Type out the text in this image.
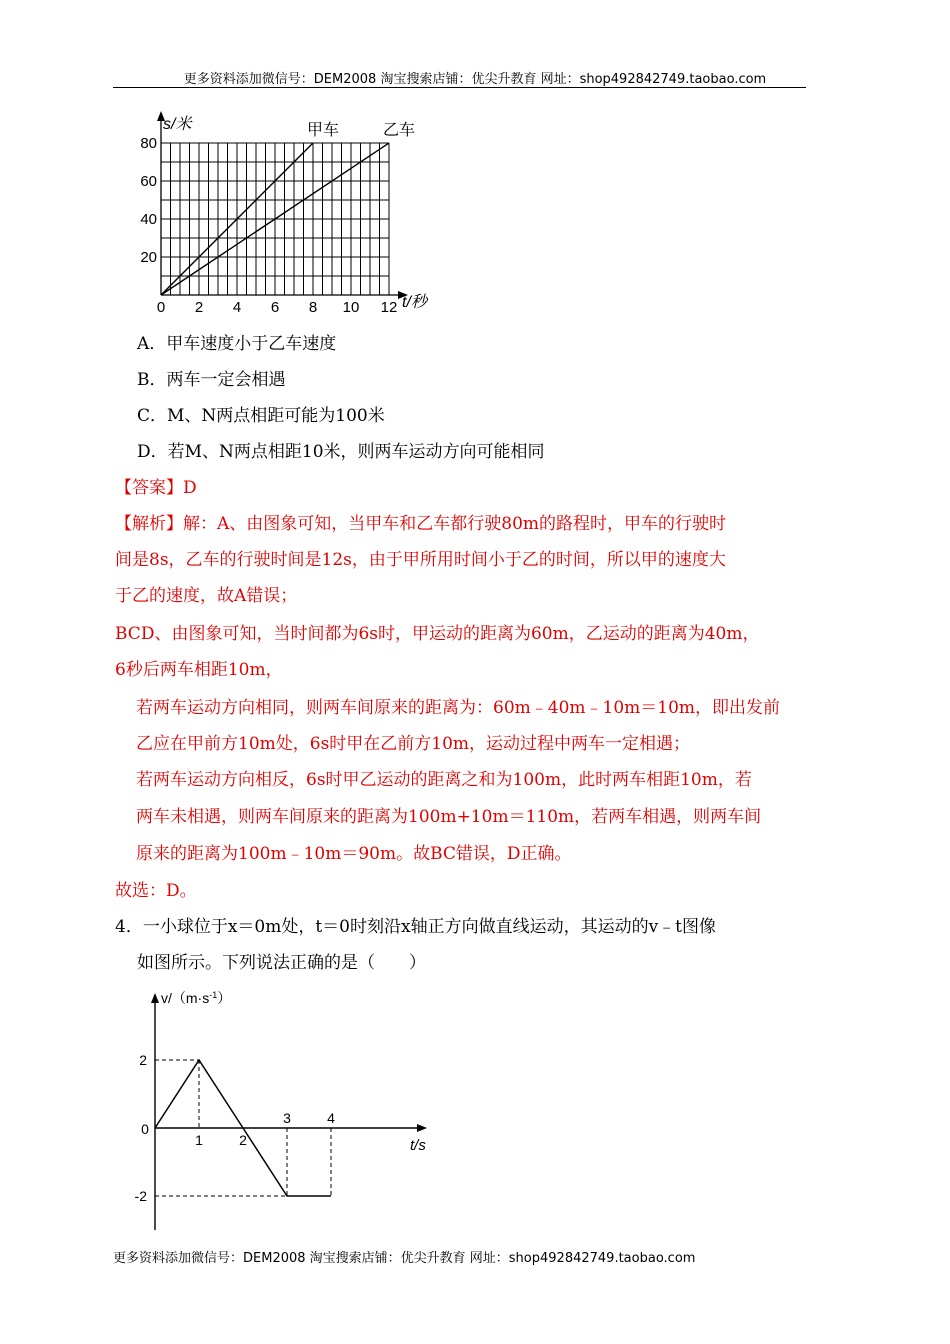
更多资料添加微信号：DEM2008 淘宝搜索店铺：优尖升教育 网址：shop492842749.taobao.com
s/米
t/秒
0 2 4 6 8 10 12
20
40
60
80
甲车	乙车
A．甲车速度小于乙车速度
B．两车一定会相遇
C．M、N两点相距可能为100米
D．若M、N两点相距10米，则两车运动方向可能相同
【答案】D
【解析】解：A、由图象可知，当甲车和乙车都行驶80m的路程时，甲车的行驶时
间是8s，乙车的行驶时间是12s，由于甲所用时间小于乙的时间，所以甲的速度大
于乙的速度，故A错误；
BCD、由图象可知，当时间都为6s时，甲运动的距离为60m，乙运动的距离为40m，
6秒后两车相距10m，
若两车运动方向相同，则两车间原来的距离为：60m﹣40m﹣10m＝10m，即出发前
乙应在甲前方10m处，6s时甲在乙前方10m，运动过程中两车一定相遇；
若两车运动方向相反，6s时甲乙运动的距离之和为100m，此时两车相距10m，若
两车未相遇，则两车间原来的距离为100m+10m＝110m，若两车相遇，则两车间
原来的距离为100m﹣10m＝90m。故BC错误，D正确。
故选：D。
4．一小球位于x＝0m处，t＝0时刻沿x轴正方向做直线运动，其运动的v﹣t图像
如图所示。下列说法正确的是（　　）
$v/(m\cdot s^{-1})$
t/s
0
1	2
3	4
2
-2
更多资料添加微信号：DEM2008 淘宝搜索店铺：优尖升教育 网址：shop492842749.taobao.com
